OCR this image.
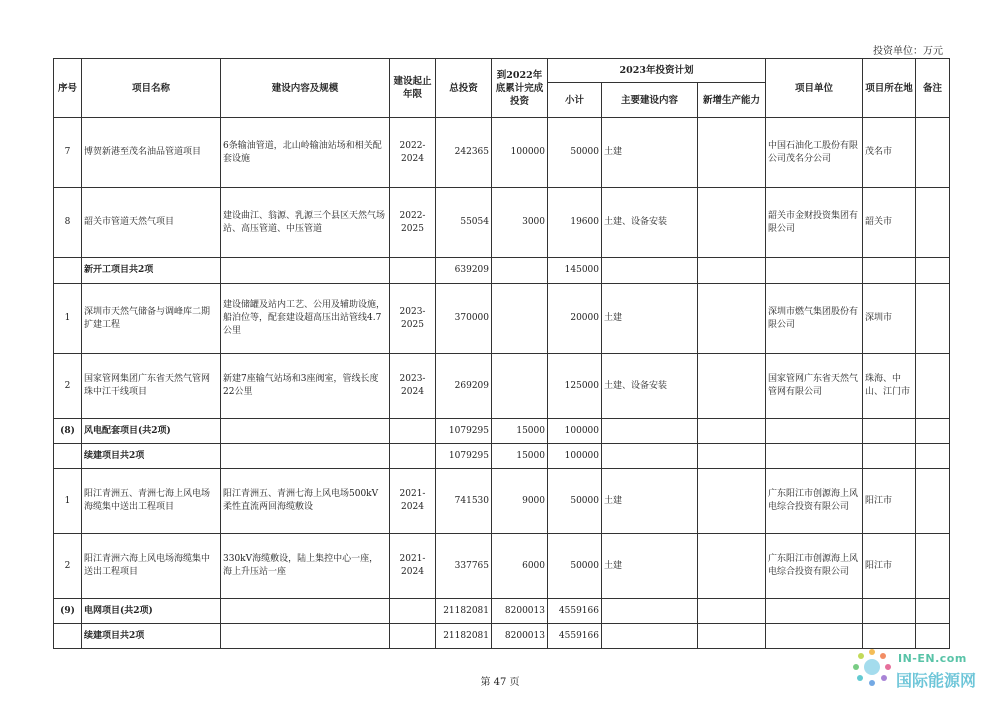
投资单位：万元
序号	项目名称	建设内容及规模	建设起止年限	总投资	到2022年底累计完成投资	2023年投资计划			项目单位	项目所在地	备注
						小计	主要建设内容	新增生产能力			
7	博贺新港至茂名油品管道项目	6条输油管道，北山岭输油站场和相关配套设施	2022-2024	242365	100000	50000	土建		中国石油化工股份有限公司茂名分公司	茂名市	
8	韶关市管道天然气项目	建设曲江、翁源、乳源三个县区天然气场站、高压管道、中压管道	2022-2025	55054	3000	19600	土建、设备安装		韶关市金财投资集团有限公司	韶关市	
	新开工项目共2项			639209		145000					
1	深圳市天然气储备与调峰库二期扩建工程	建设储罐及站内工艺、公用及辅助设施，船泊位等，配套建设超高压出站管线4.7公里	2023-2025	370000		20000	土建		深圳市燃气集团股份有限公司	深圳市	
2	国家管网集团广东省天然气管网珠中江干线项目	新建7座输气站场和3座阀室，管线长度22公里	2023-2024	269209		125000	土建、设备安装		国家管网广东省天然气管网有限公司	珠海、中山、江门市	
(8)	风电配套项目(共2项)			1079295	15000	100000					
	续建项目共2项			1079295	15000	100000					
1	阳江青洲五、青洲七海上风电场海缆集中送出工程项目	阳江青洲五、青洲七海上风电场500kV柔性直流两回海缆敷设	2021-2024	741530	9000	50000	土建		广东阳江市创源海上风电综合投资有限公司	阳江市	
2	阳江青洲六海上风电场海缆集中送出工程项目	330kV海缆敷设，陆上集控中心一座，海上升压站一座	2021-2024	337765	6000	50000	土建		广东阳江市创源海上风电综合投资有限公司	阳江市	
(9)	电网项目(共2项)			21182081	8200013	4559166					
	续建项目共2项			21182081	8200013	4559166					
第 47 页
IN-EN.com
国际能源网
